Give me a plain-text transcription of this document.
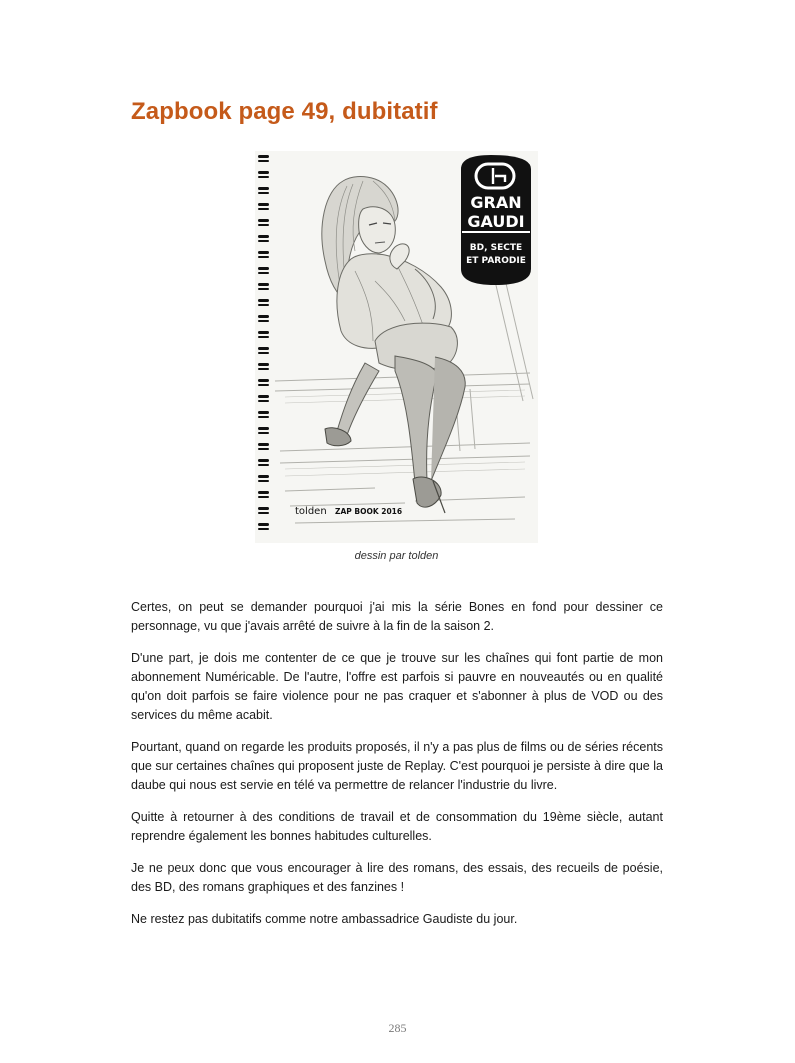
Zapbook page 49, dubitatif
GRAN
GAUDI
BD, SECTE
ET PARODIE
tolden ZAP BOOK 2016
dessin par tolden

Certes, on peut se demander pourquoi j'ai mis la série Bones en fond pour dessiner ce personnage, vu que j'avais arrêté de suivre à la fin de la saison 2.

D'une part, je dois me contenter de ce que je trouve sur les chaînes qui font partie de mon abonnement Numéricable. De l'autre, l'offre est parfois si pauvre en nouveautés ou en qualité qu'on doit parfois se faire violence pour ne pas craquer et s'abonner à plus de VOD ou des services du même acabit.

Pourtant, quand on regarde les produits proposés, il n'y a pas plus de films ou de séries récents que sur certaines chaînes qui proposent juste de Replay. C'est pourquoi je persiste à dire que la daube qui nous est servie en télé va permettre de relancer l'industrie du livre.

Quitte à retourner à des conditions de travail et de consommation du 19ème siècle, autant reprendre également les bonnes habitudes culturelles.

Je ne peux donc que vous encourager à lire des romans, des essais, des recueils de poésie, des BD, des romans graphiques et des fanzines !

Ne restez pas dubitatifs comme notre ambassadrice Gaudiste du jour.

285
